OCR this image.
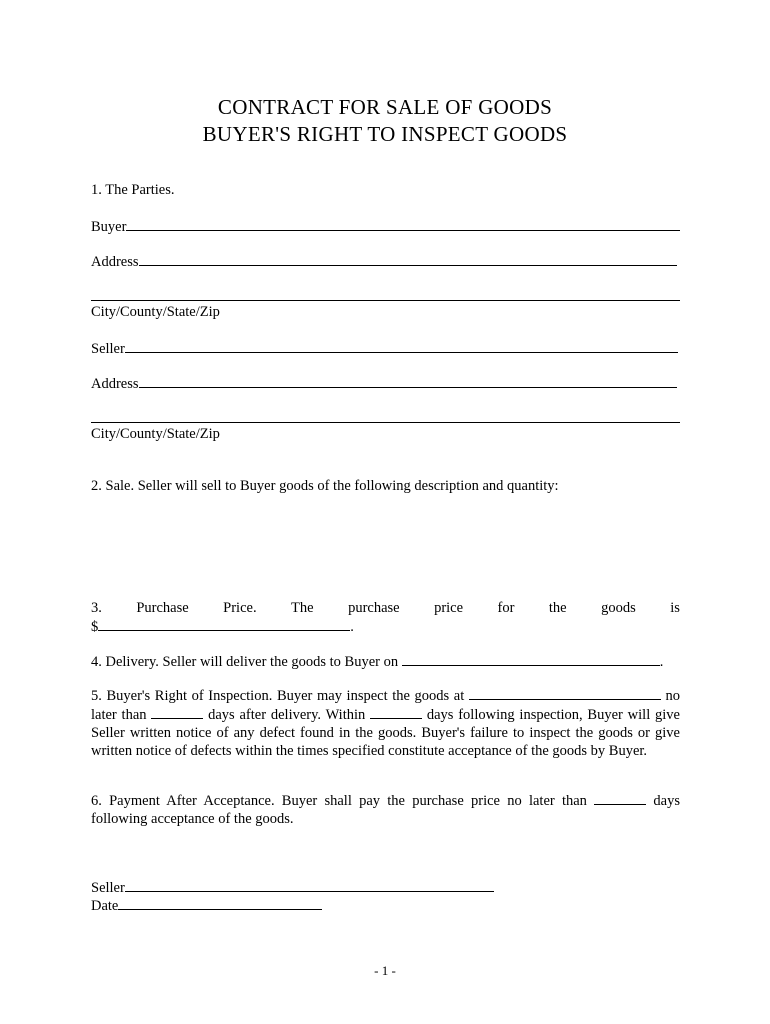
CONTRACT FOR SALE OF GOODS
BUYER'S RIGHT TO INSPECT GOODS
1. The Parties.
Buyer
Address
City/County/State/Zip
Seller
Address
City/County/State/Zip
2. Sale. Seller will sell to Buyer goods of the following description and quantity:
3. Purchase Price. The purchase price for the goods is
$	.
4. Delivery. Seller will deliver the goods to Buyer on	.
5. Buyer's Right of Inspection. Buyer may inspect the goods at	no later than	days after delivery. Within	days following inspection, Buyer will give Seller written notice of any defect found in the goods. Buyer's failure to inspect the goods or give written notice of defects within the times specified constitute acceptance of the goods by Buyer.
6. Payment After Acceptance. Buyer shall pay the purchase price no later than	days following acceptance of the goods.
Seller
Date
- 1 -
